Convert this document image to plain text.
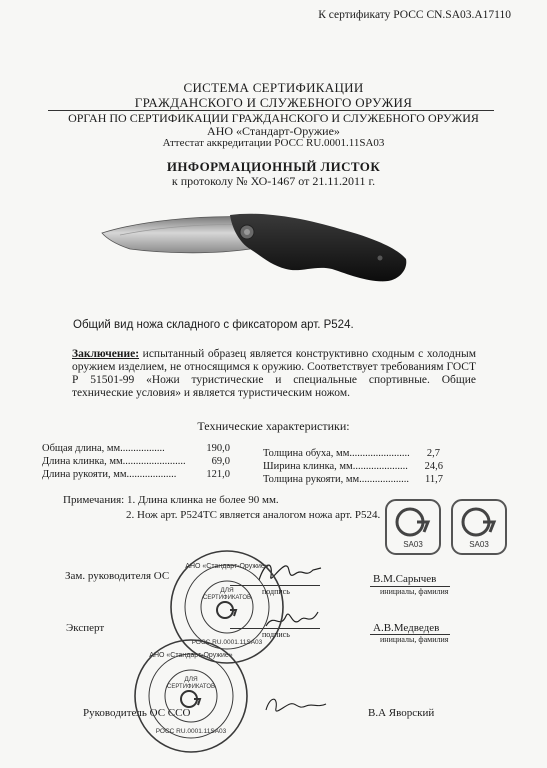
К сертификату РОСС CN.SA03.A17110
СИСТЕМА СЕРТИФИКАЦИИ
ГРАЖДАНСКОГО И СЛУЖЕБНОГО ОРУЖИЯ
ОРГАН ПО СЕРТИФИКАЦИИ ГРАЖДАНСКОГО И СЛУЖЕБНОГО ОРУЖИЯ
АНО «Стандарт-Оружие»
Аттестат аккредитации РОСС RU.0001.11SA03
ИНФОРМАЦИОННЫЙ ЛИСТОК
к протоколу № ХО-1467 от 21.11.2011 г.
Общий вид ножа складного с фиксатором арт. Р524.
Заключение: испытанный образец является конструктивно сходным с холодным оружием изделием, не относящимся к оружию. Соответствует требованиям ГОСТ Р 51501-99 «Ножи туристические и специальные спортивные. Общие технические условия» и является туристическим ножом.
Технические характеристики:
Общая длина, мм.................	190,0
Длина клинка, мм........................ 69,0
Длина рукояти, мм...................	121,0
Толщина обуха, мм....................... 2,7
Ширина клинка, мм..................... 24,6
Толщина рукояти, мм................... 11,7
Примечания: 1. Длина клинка не более 90 мм.
2. Нож арт. Р524ТС является аналогом ножа арт. Р524.
SA03	SA03
Зам. руководителя ОС
подпись
В.М.Сарычев
инициалы, фамилия
Эксперт
подпись
А.В.Медведев
инициалы, фамилия
Руководитель ОС ССО	В.А Яворский
ДЛЯ
СЕРТИФИКАТОВ
РОСС RU.0001.11SA03
АНО «Стандарт-Оружие»
ДЛЯ
СЕРТИФИКАТОВ
РОСС RU.0001.11SA03
АНО «Стандарт-Оружие»
